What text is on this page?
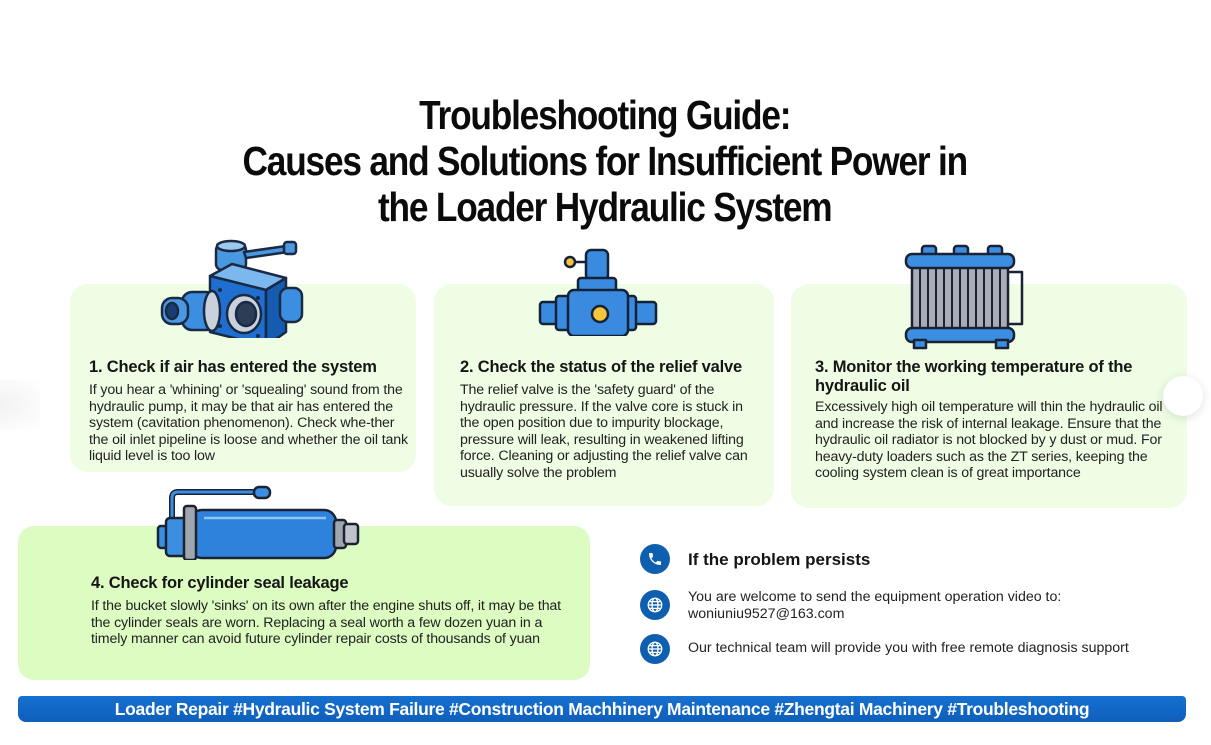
Troubleshooting Guide:
Causes and Solutions for Insufficient Power in
the Loader Hydraulic System
1. Check if air has entered the system
If you hear a 'whining' or 'squealing' sound from the hydraulic pump, it may be that air has entered the system (cavitation phenomenon). Check whe-ther the oil inlet pipeline is loose and whether the oil tank liquid level is too low
2. Check the status of the relief valve
The relief valve is the 'safety guard' of the hydraulic pressure. If the valve core is stuck in the open position due to impurity blockage, pressure will leak, resulting in weakened lifting force. Cleaning or adjusting the relief valve can usually solve the problem
3. Monitor the working temperature of the hydraulic oil
Excessively high oil temperature will thin the hydraulic oil and increase the risk of internal leakage. Ensure that the hydraulic oil radiator is not blocked by y dust or mud. For heavy-duty loaders such as the ZT series, keeping the cooling system clean is of great importance
4. Check for cylinder seal leakage
If the bucket slowly 'sinks' on its own after the engine shuts off, it may be that the cylinder seals are worn. Replacing a seal worth a few dozen yuan in a timely manner can avoid future cylinder repair costs of thousands of yuan
If the problem persists
You are welcome to send the equipment operation video to:
woniuniu9527@163.com
Our technical team will provide you with free remote diagnosis support
Loader Repair #Hydraulic System Failure #Construction Machhinery Maintenance #Zhengtai Machinery #Troubleshooting
